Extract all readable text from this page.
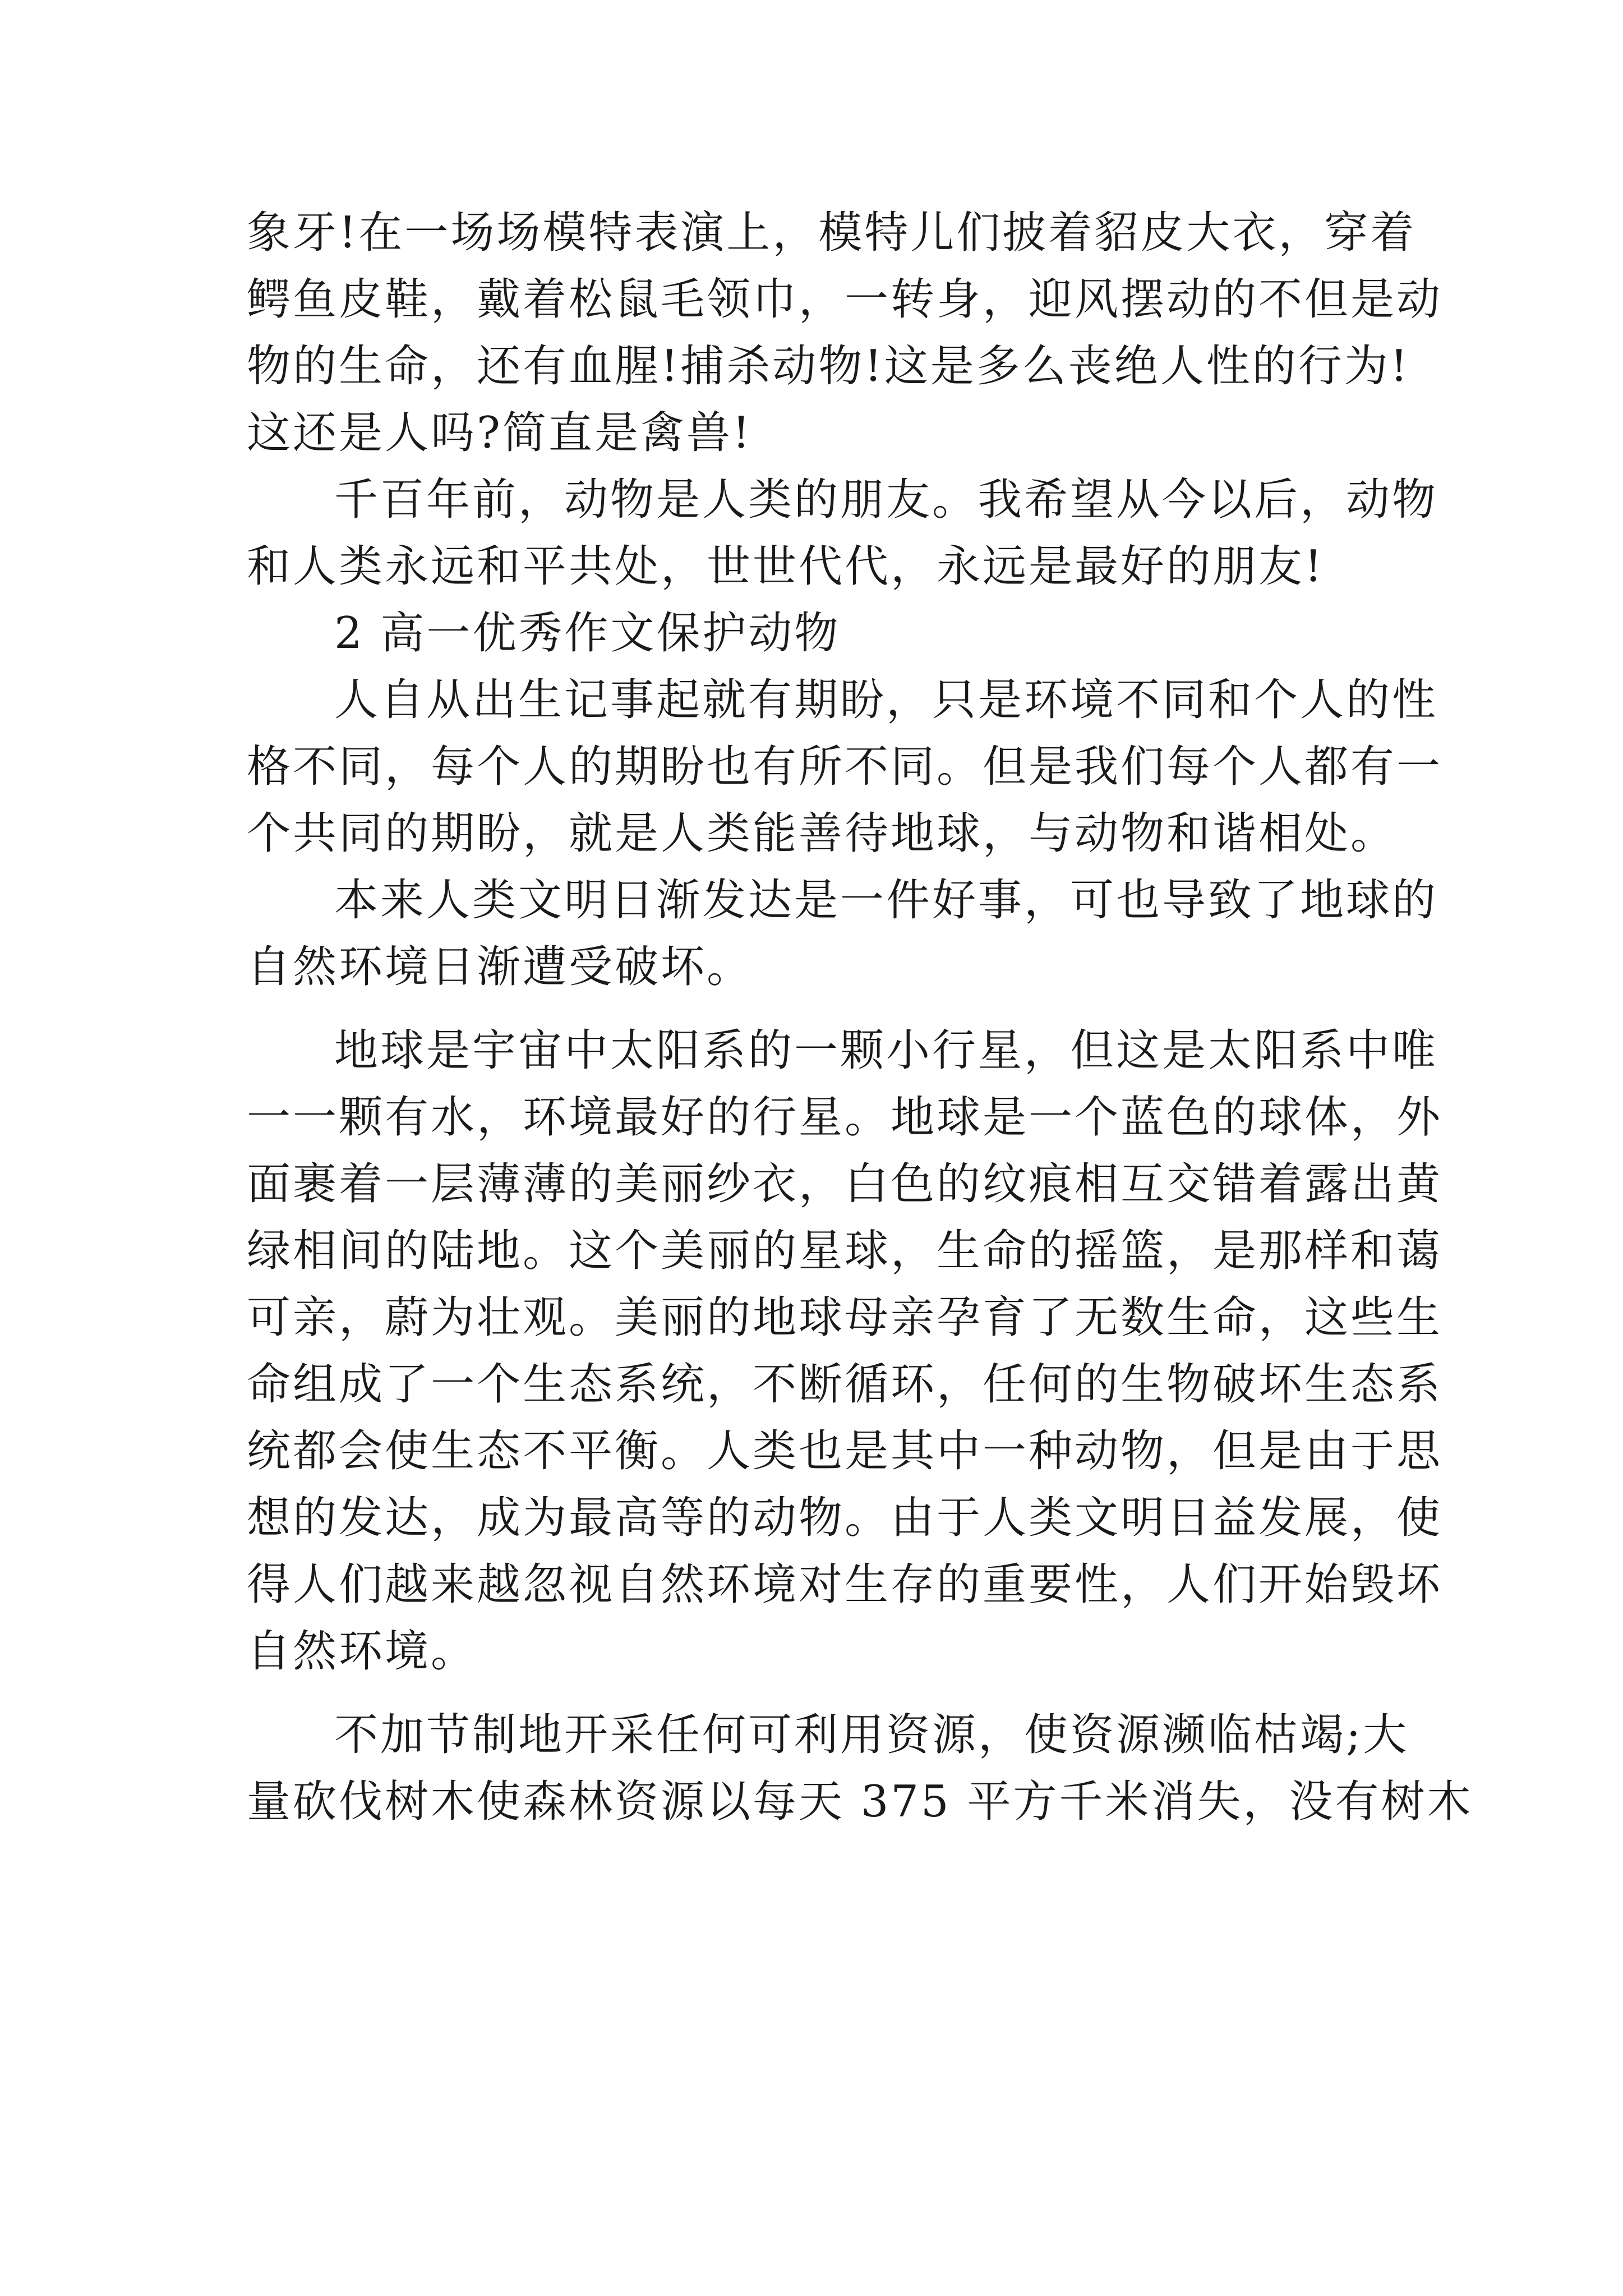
象牙!在一场场模特表演上，模特儿们披着貂皮大衣，穿着
鳄鱼皮鞋，戴着松鼠毛领巾，一转身，迎风摆动的不但是动
物的生命，还有血腥!捕杀动物!这是多么丧绝人性的行为!
这还是人吗?简直是禽兽!
千百年前，动物是人类的朋友。我希望从今以后，动物
和人类永远和平共处，世世代代，永远是最好的朋友!
2 高一优秀作文保护动物
人自从出生记事起就有期盼，只是环境不同和个人的性
格不同，每个人的期盼也有所不同。但是我们每个人都有一
个共同的期盼，就是人类能善待地球，与动物和谐相处。
本来人类文明日渐发达是一件好事，可也导致了地球的
自然环境日渐遭受破坏。
地球是宇宙中太阳系的一颗小行星，但这是太阳系中唯
一一颗有水，环境最好的行星。地球是一个蓝色的球体，外
面裹着一层薄薄的美丽纱衣，白色的纹痕相互交错着露出黄
绿相间的陆地。这个美丽的星球，生命的摇篮，是那样和蔼
可亲，蔚为壮观。美丽的地球母亲孕育了无数生命，这些生
命组成了一个生态系统，不断循环，任何的生物破坏生态系
统都会使生态不平衡。人类也是其中一种动物，但是由于思
想的发达，成为最高等的动物。由于人类文明日益发展，使
得人们越来越忽视自然环境对生存的重要性，人们开始毁坏
自然环境。
不加节制地开采任何可利用资源，使资源濒临枯竭;大
量砍伐树木使森林资源以每天 375 平方千米消失，没有树木
